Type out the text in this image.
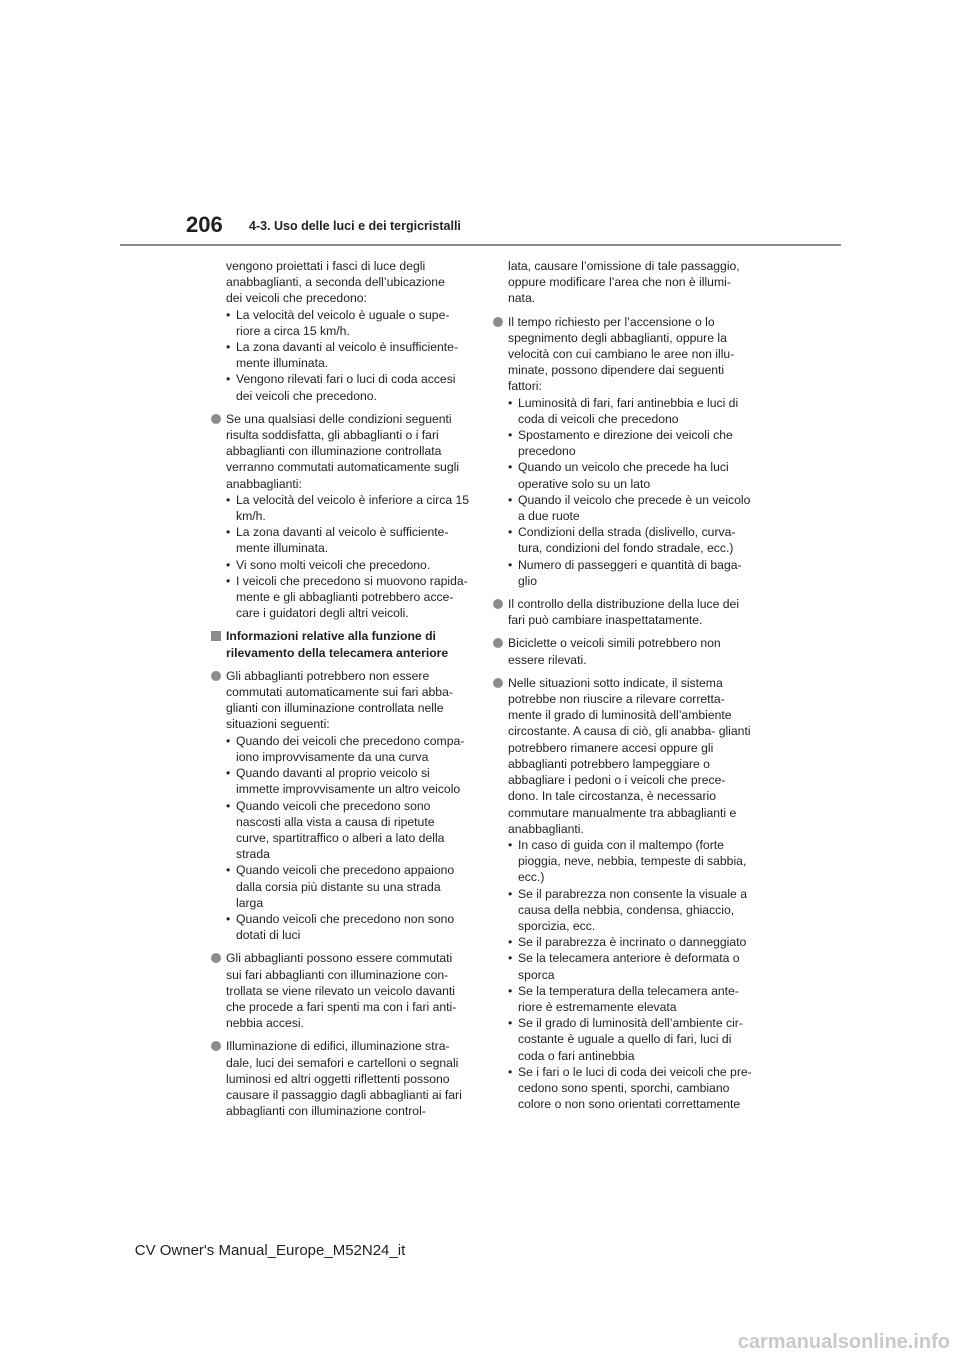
206 4-3. Uso delle luci e dei tergicristalli
vengono proiettati i fasci di luce degli
anabbaglianti, a seconda dell’ubicazione
dei veicoli che precedono:
• La velocità del veicolo è uguale o supe- riore a circa 15 km/h.
• La zona davanti al veicolo è insufficiente- mente illuminata.
• Vengono rilevati fari o luci di coda accesi dei veicoli che precedono.
Se una qualsiasi delle condizioni seguenti risulta soddisfatta, gli abbaglianti o i fari abbaglianti con illuminazione controllata verranno commutati automaticamente sugli anabbaglianti:
• La velocità del veicolo è inferiore a circa 15 km/h.
• La zona davanti al veicolo è sufficiente- mente illuminata.
• Vi sono molti veicoli che precedono.
• I veicoli che precedono si muovono rapida- mente e gli abbaglianti potrebbero acce- care i guidatori degli altri veicoli.
Informazioni relative alla funzione di rilevamento della telecamera anteriore
Gli abbaglianti potrebbero non essere commutati automaticamente sui fari abba- glianti con illuminazione controllata nelle situazioni seguenti:
• Quando dei veicoli che precedono compa- iono improvvisamente da una curva
• Quando davanti al proprio veicolo si immette improvvisamente un altro veicolo
• Quando veicoli che precedono sono nascosti alla vista a causa di ripetute curve, spartitraffico o alberi a lato della strada
• Quando veicoli che precedono appaiono dalla corsia più distante su una strada larga
• Quando veicoli che precedono non sono dotati di luci
Gli abbaglianti possono essere commutati sui fari abbaglianti con illuminazione con- trollata se viene rilevato un veicolo davanti che procede a fari spenti ma con i fari anti- nebbia accesi.
Illuminazione di edifici, illuminazione stra- dale, luci dei semafori e cartelloni o segnali luminosi ed altri oggetti riflettenti possono causare il passaggio dagli abbaglianti ai fari abbaglianti con illuminazione control-
lata, causare l’omissione di tale passaggio, oppure modificare l’area che non è illumi- nata.
Il tempo richiesto per l’accensione o lo spegnimento degli abbaglianti, oppure la velocità con cui cambiano le aree non illu- minate, possono dipendere dai seguenti fattori:
• Luminosità di fari, fari antinebbia e luci di coda di veicoli che precedono
• Spostamento e direzione dei veicoli che precedono
• Quando un veicolo che precede ha luci operative solo su un lato
• Quando il veicolo che precede è un veicolo a due ruote
• Condizioni della strada (dislivello, curva- tura, condizioni del fondo stradale, ecc.)
• Numero di passeggeri e quantità di baga- glio
Il controllo della distribuzione della luce dei fari può cambiare inaspettatamente.
Biciclette o veicoli simili potrebbero non essere rilevati.
Nelle situazioni sotto indicate, il sistema potrebbe non riuscire a rilevare corretta- mente il grado di luminosità dell’ambiente circostante. A causa di ciò, gli anabba- glianti potrebbero rimanere accesi oppure gli abbaglianti potrebbero lampeggiare o abbagliare i pedoni o i veicoli che prece- dono. In tale circostanza, è necessario commutare manualmente tra abbaglianti e anabbaglianti.
• In caso di guida con il maltempo (forte pioggia, neve, nebbia, tempeste di sabbia, ecc.)
• Se il parabrezza non consente la visuale a causa della nebbia, condensa, ghiaccio, sporcizia, ecc.
• Se il parabrezza è incrinato o danneggiato
• Se la telecamera anteriore è deformata o sporca
• Se la temperatura della telecamera ante- riore è estremamente elevata
• Se il grado di luminosità dell’ambiente cir- costante è uguale a quello di fari, luci di coda o fari antinebbia
• Se i fari o le luci di coda dei veicoli che pre- cedono sono spenti, sporchi, cambiano colore o non sono orientati correttamente
CV Owner's Manual_Europe_M52N24_it
carmanualsonline.info
